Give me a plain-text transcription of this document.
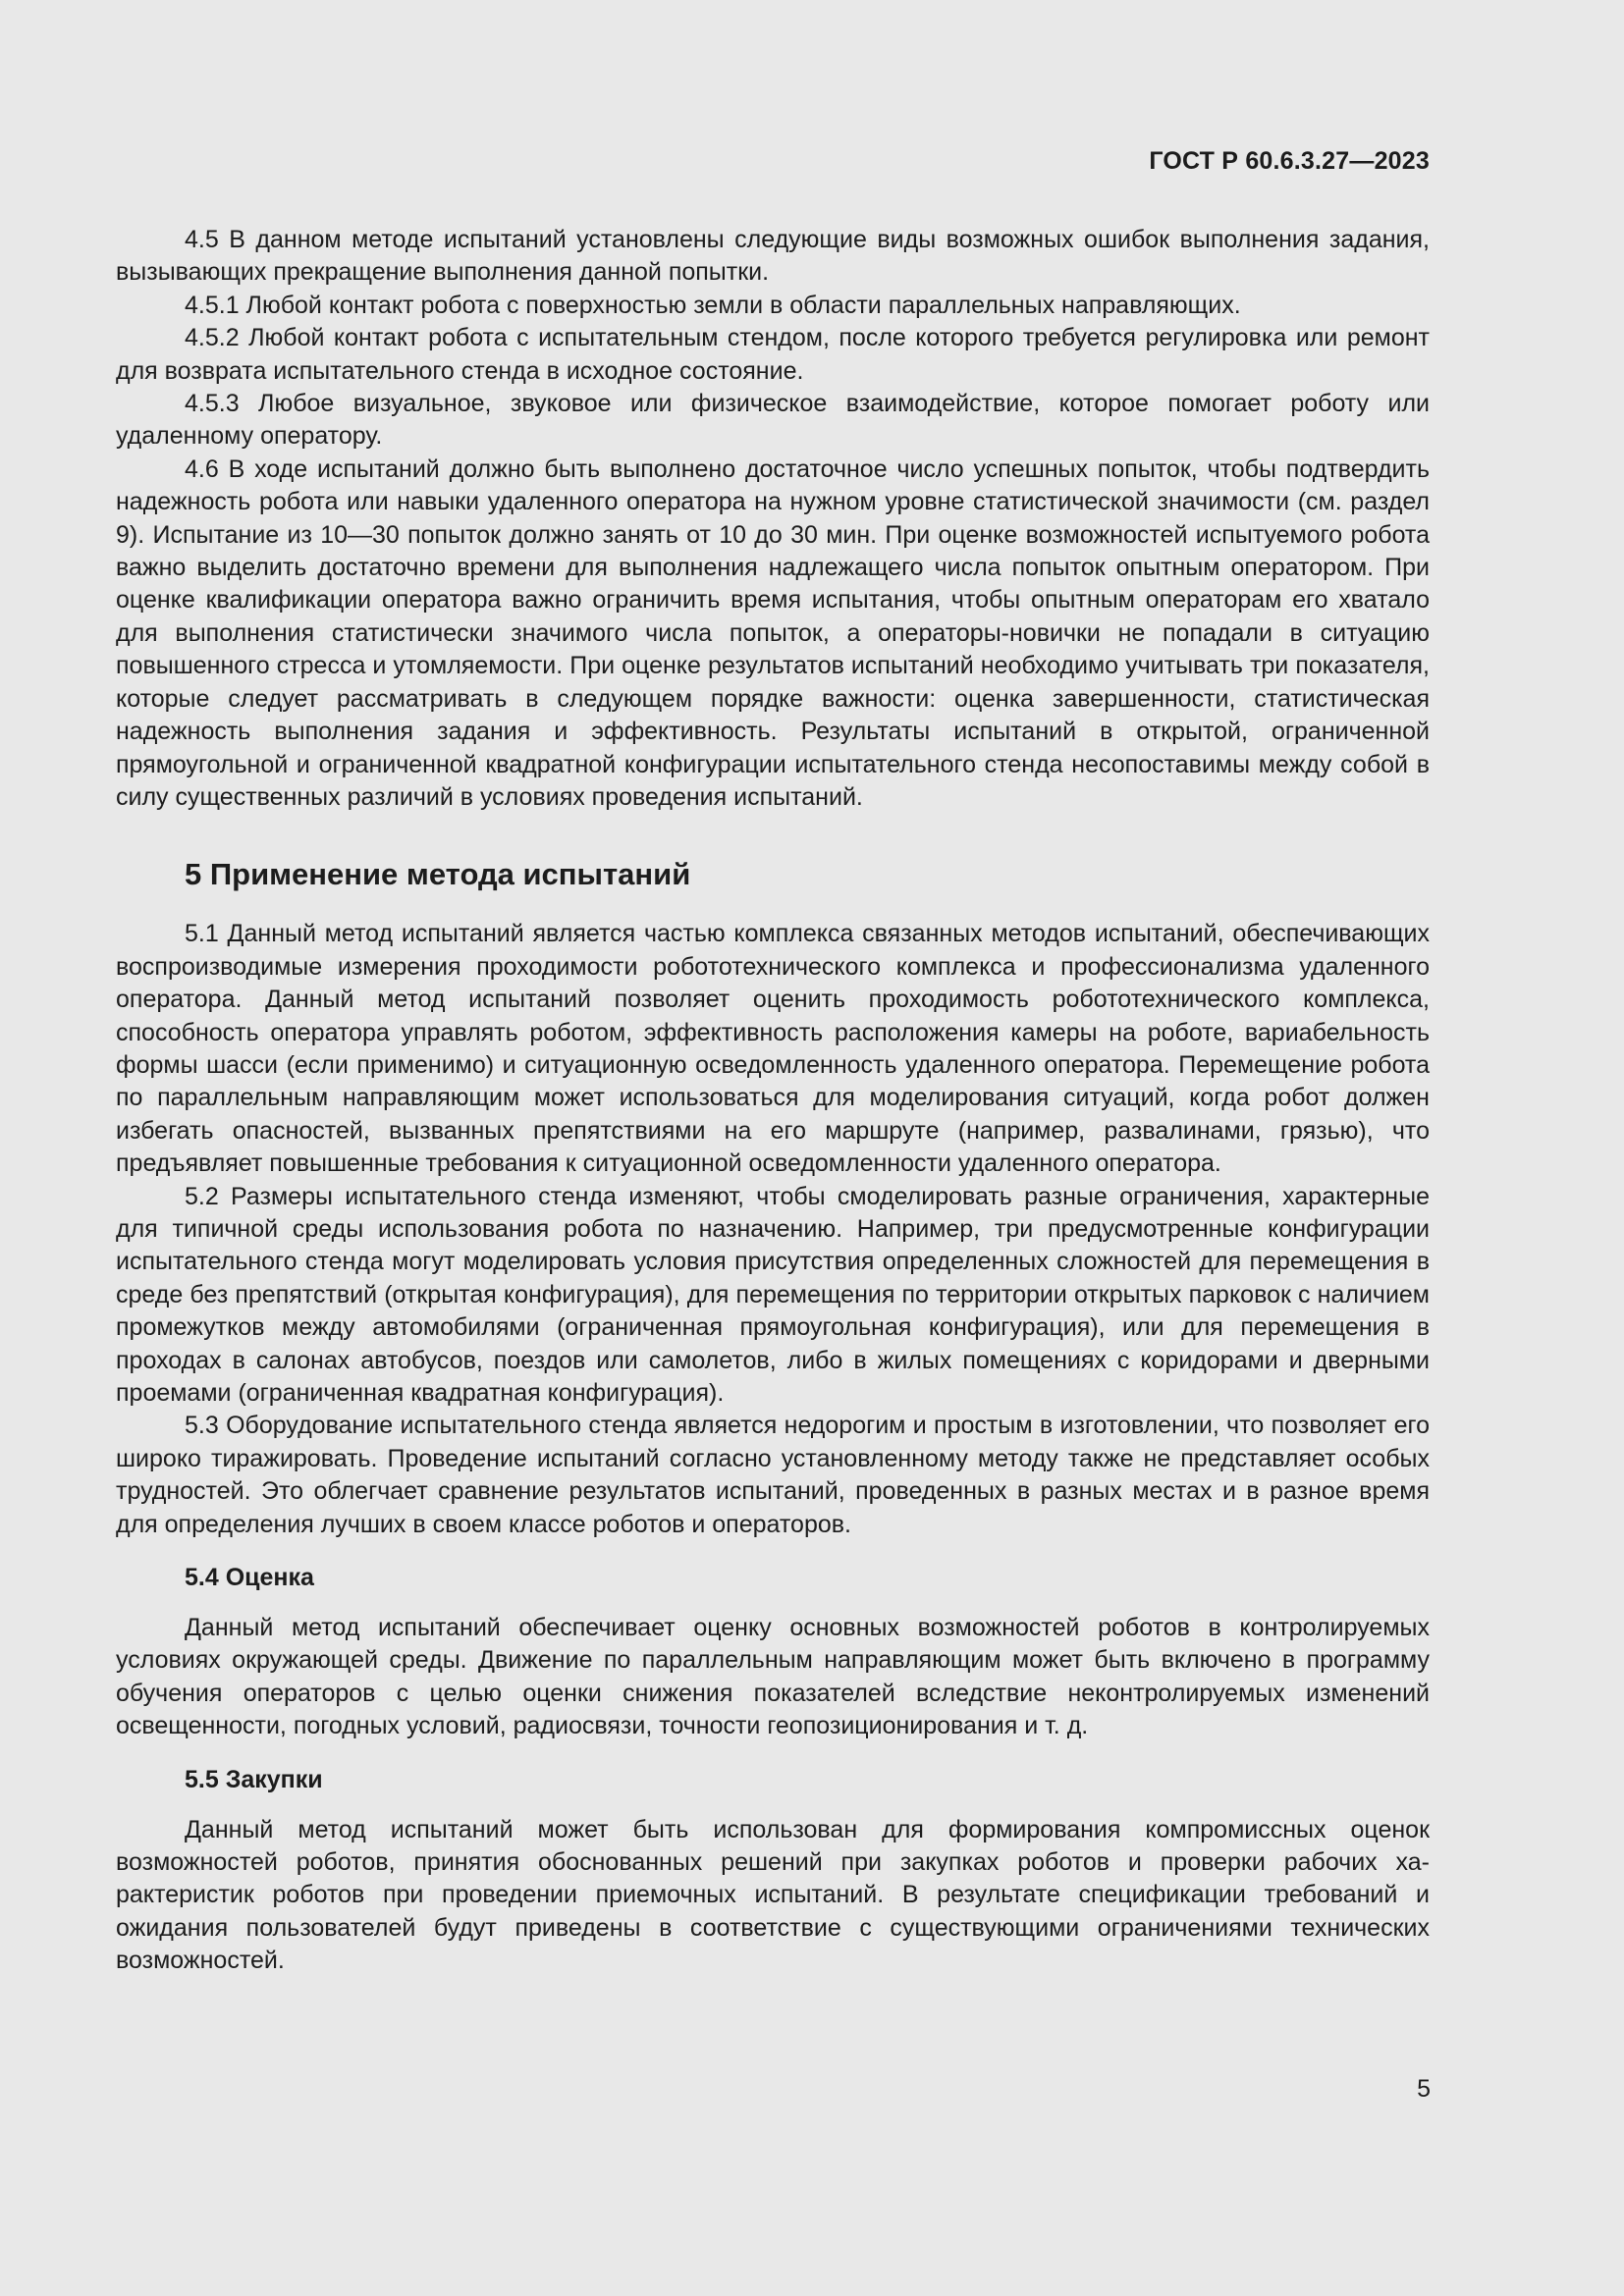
ГОСТ Р 60.6.3.27—2023

4.5 В данном методе испытаний установлены следующие виды возможных ошибок выполнения задания, вызывающих прекращение выполнения данной попытки.

4.5.1 Любой контакт робота с поверхностью земли в области параллельных направляющих.

4.5.2 Любой контакт робота с испытательным стендом, после которого требуется регулировка или ремонт для возврата испытательного стенда в исходное состояние.

4.5.3 Любое визуальное, звуковое или физическое взаимодействие, которое помогает роботу или удаленному оператору.

4.6 В ходе испытаний должно быть выполнено достаточное число успешных попыток, чтобы подтвердить надежность робота или навыки удаленного оператора на нужном уровне статистической значимости (см. раздел 9). Испытание из 10—30 попыток должно занять от 10 до 30 мин. При оценке возможностей испытуемого робота важно выделить достаточно времени для выполнения надлежащего числа попыток опытным оператором. При оценке квалификации оператора важно ограничить время испытания, чтобы опытным операторам его хватало для выполнения статистически значимого числа попыток, а операторы-новички не попадали в ситуацию повышенного стресса и утомляемости. При оценке результатов испытаний необходимо учитывать три показателя, которые следует рассматривать в следующем порядке важности: оценка завершенности, статистическая надежность выполнения задания и эффективность. Результаты испытаний в открытой, ограниченной прямоугольной и ограниченной квадратной конфигурации испытательного стенда несопоставимы между собой в силу существенных различий в условиях проведения испытаний.

5 Применение метода испытаний

5.1 Данный метод испытаний является частью комплекса связанных методов испытаний, обеспечивающих воспроизводимые измерения проходимости робототехнического комплекса и профессионализма удаленного оператора. Данный метод испытаний позволяет оценить проходимость робототехнического комплекса, способность оператора управлять роботом, эффективность расположения камеры на роботе, вариабельность формы шасси (если применимо) и ситуационную осведомленность удаленного оператора. Перемещение робота по параллельным направляющим может использоваться для моделирования ситуаций, когда робот должен избегать опасностей, вызванных препятствиями на его маршруте (например, развалинами, грязью), что предъявляет повышенные требования к ситуационной осведомленности удаленного оператора.

5.2 Размеры испытательного стенда изменяют, чтобы смоделировать разные ограничения, характерные для типичной среды использования робота по назначению. Например, три предусмотренные конфигурации испытательного стенда могут моделировать условия присутствия определенных сложностей для перемещения в среде без препятствий (открытая конфигурация), для перемещения по территории открытых парковок с наличием промежутков между автомобилями (ограниченная прямоугольная конфигурация), или для перемещения в проходах в салонах автобусов, поездов или самолетов, либо в жилых помещениях с коридорами и дверными проемами (ограниченная квадратная конфигурация).

5.3 Оборудование испытательного стенда является недорогим и простым в изготовлении, что позволяет его широко тиражировать. Проведение испытаний согласно установленному методу также не представляет особых трудностей. Это облегчает сравнение результатов испытаний, проведенных в разных местах и в разное время для определения лучших в своем классе роботов и операторов.

5.4 Оценка

Данный метод испытаний обеспечивает оценку основных возможностей роботов в контролируемых условиях окружающей среды. Движение по параллельным направляющим может быть включено в программу обучения операторов с целью оценки снижения показателей вследствие неконтролируемых изменений освещенности, погодных условий, радиосвязи, точности геопозиционирования и т. д.

5.5 Закупки

Данный метод испытаний может быть использован для формирования компромиссных оценок возможностей роботов, принятия обоснованных решений при закупках роботов и проверки рабочих характеристик роботов при проведении приемочных испытаний. В результате спецификации требований и ожидания пользователей будут приведены в соответствие с существующими ограничениями технических возможностей.

5
